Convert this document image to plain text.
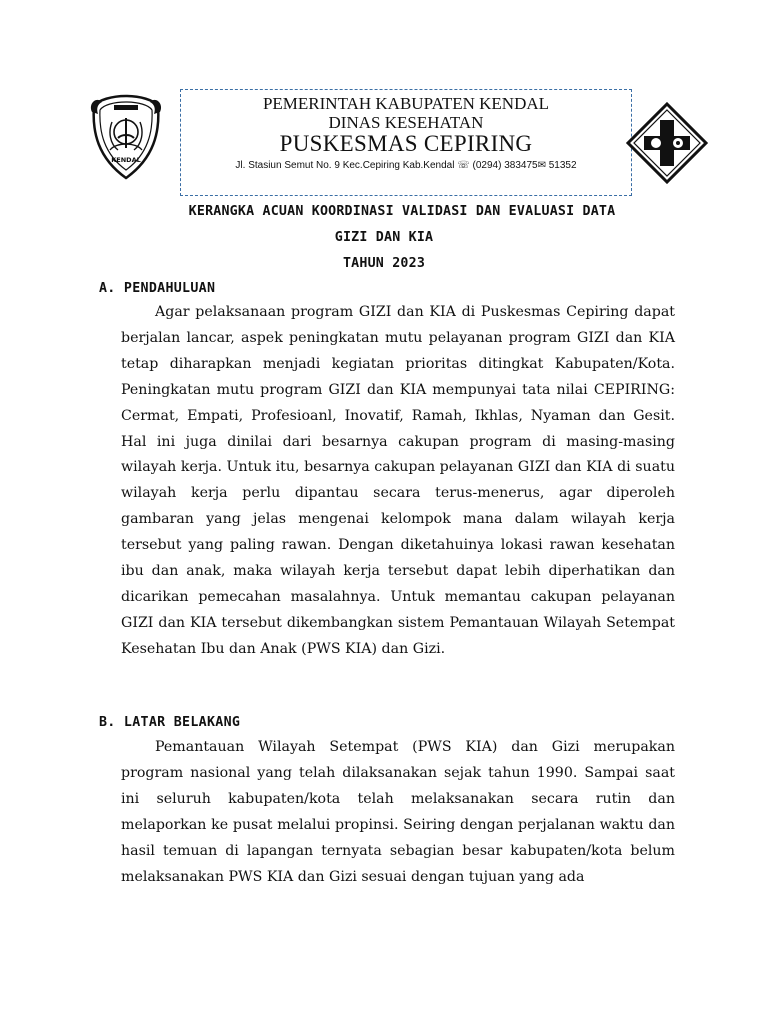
KENDAL
PEMERINTAH KABUPATEN KENDAL
DINAS KESEHATAN
PUSKESMAS CEPIRING
Jl. Stasiun Semut No. 9 Kec.Cepiring Kab.Kendal ☏ (0294) 383475✉ 51352
KERANGKA ACUAN KOORDINASI VALIDASI DAN EVALUASI DATA
GIZI DAN KIA
TAHUN 2023
A. PENDAHULUAN

Agar pelaksanaan program GIZI dan KIA di Puskesmas Cepiring dapat berjalan lancar, aspek peningkatan mutu pelayanan program GIZI dan KIA tetap diharapkan menjadi kegiatan prioritas ditingkat Kabupaten/Kota. Peningkatan mutu program GIZI dan KIA mempunyai tata nilai CEPIRING: Cermat, Empati, Profesioanl, Inovatif, Ramah, Ikhlas, Nyaman dan Gesit. Hal ini juga dinilai dari besarnya cakupan program di masing-masing wilayah kerja. Untuk itu, besarnya cakupan pelayanan GIZI dan KIA di suatu wilayah kerja perlu dipantau secara terus-menerus, agar diperoleh gambaran yang jelas mengenai kelompok mana dalam wilayah kerja tersebut yang paling rawan. Dengan diketahuinya lokasi rawan kesehatan ibu dan anak, maka wilayah kerja tersebut dapat lebih diperhatikan dan dicarikan pemecahan masalahnya. Untuk memantau cakupan pelayanan GIZI dan KIA tersebut dikembangkan sistem Pemantauan Wilayah Setempat Kesehatan Ibu dan Anak (PWS KIA) dan Gizi.

B. LATAR BELAKANG

Pemantauan Wilayah Setempat (PWS KIA) dan Gizi merupakan program nasional yang telah dilaksanakan sejak tahun 1990. Sampai saat ini seluruh kabupaten/kota telah melaksanakan secara rutin dan melaporkan ke pusat melalui propinsi. Seiring dengan perjalanan waktu dan hasil temuan di lapangan ternyata sebagian besar kabupaten/kota belum melaksanakan PWS KIA dan Gizi sesuai dengan tujuan yang ada
